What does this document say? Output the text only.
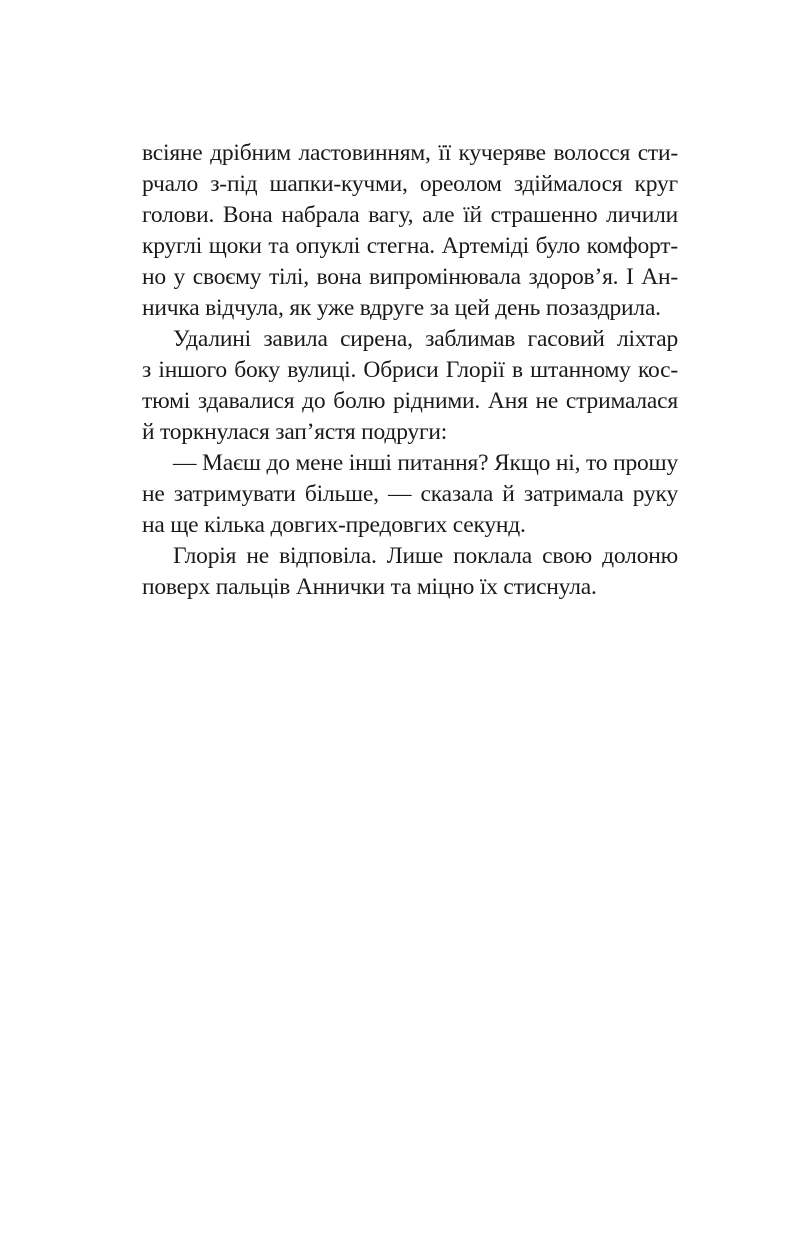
всіяне дрібним ластовинням, її кучеряве волосся сти-
рчало з-під шапки-кучми, ореолом здіймалося круг
голови. Вона набрала вагу, але їй страшенно личили
круглі щоки та опуклі стегна. Артеміді було комфорт-
но у своєму тілі, вона випромінювала здоров’я. І Ан-
ничка відчула, як уже вдруге за цей день позаздрила.
Удалині завила сирена, заблимав гасовий ліхтар
з іншого боку вулиці. Обриси Глорії в штанному кос-
тюмі здавалися до болю рідними. Аня не стрималася
й торкнулася зап’ястя подруги:
— Маєш до мене інші питання? Якщо ні, то прошу
не затримувати більше, — сказала й затримала руку
на ще кілька довгих-предовгих секунд.
Глорія не відповіла. Лише поклала свою долоню
поверх пальців Аннички та міцно їх стиснула.
